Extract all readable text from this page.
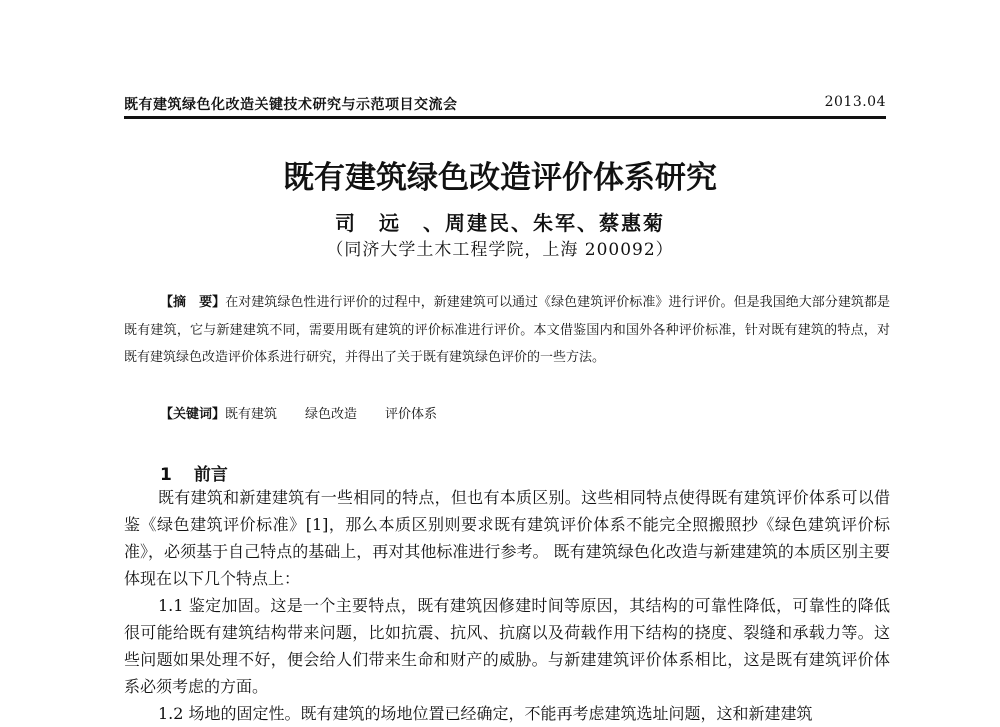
既有建筑绿色化改造关键技术研究与示范项目交流会	2013.04
既有建筑绿色改造评价体系研究
司　远　、周建民、朱军、蔡惠菊
（同济大学土木工程学院，上海 200092）
【摘　要】在对建筑绿色性进行评价的过程中，新建建筑可以通过《绿色建筑评价标准》进行评价。但是我国绝大部分建筑都是既有建筑，它与新建建筑不同，需要用既有建筑的评价标准进行评价。本文借鉴国内和国外各种评价标准，针对既有建筑的特点，对既有建筑绿色改造评价体系进行研究，并得出了关于既有建筑绿色评价的一些方法。
【关键词】既有建筑 绿色改造 评价体系
1 前言
既有建筑和新建建筑有一些相同的特点，但也有本质区别。这些相同特点使得既有建筑评价体系可以借鉴《绿色建筑评价标准》[1]，那么本质区别则要求既有建筑评价体系不能完全照搬照抄《绿色建筑评价标准》，必须基于自己特点的基础上，再对其他标准进行参考。 既有建筑绿色化改造与新建建筑的本质区别主要体现在以下几个特点上：
1.1 鉴定加固。这是一个主要特点，既有建筑因修建时间等原因，其结构的可靠性降低，可靠性的降低很可能给既有建筑结构带来问题，比如抗震、抗风、抗腐以及荷载作用下结构的挠度、裂缝和承载力等。这些问题如果处理不好，便会给人们带来生命和财产的威胁。与新建建筑评价体系相比，这是既有建筑评价体系必须考虑的方面。
1.2 场地的固定性。既有建筑的场地位置已经确定，不能再考虑建筑选址问题，这和新建建筑
